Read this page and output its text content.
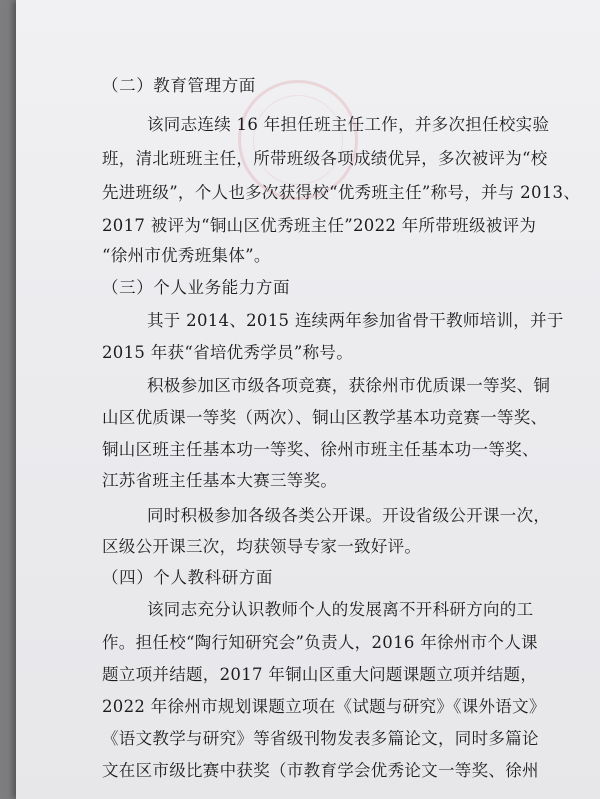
（二）教育管理方面

该同志连续 16 年担任班主任工作，并多次担任校实验

班，清北班班主任，所带班级各项成绩优异，多次被评为“校

先进班级”，个人也多次获得校“优秀班主任”称号，并与 2013、

2017 被评为“铜山区优秀班主任”2022 年所带班级被评为

“徐州市优秀班集体”。

（三）个人业务能力方面

其于 2014、2015 连续两年参加省骨干教师培训，并于

2015 年获“省培优秀学员”称号。

积极参加区市级各项竞赛，获徐州市优质课一等奖、铜

山区优质课一等奖（两次）、铜山区教学基本功竞赛一等奖、

铜山区班主任基本功一等奖、徐州市班主任基本功一等奖、

江苏省班主任基本大赛三等奖。

同时积极参加各级各类公开课。开设省级公开课一次，

区级公开课三次，均获领导专家一致好评。

（四）个人教科研方面

该同志充分认识教师个人的发展离不开科研方向的工

作。担任校“陶行知研究会”负责人，2016 年徐州市个人课

题立项并结题，2017 年铜山区重大问题课题立项并结题，

2022 年徐州市规划课题立项在《试题与研究》《课外语文》

《语文教学与研究》等省级刊物发表多篇论文，同时多篇论

文在区市级比赛中获奖（市教育学会优秀论文一等奖、徐州
